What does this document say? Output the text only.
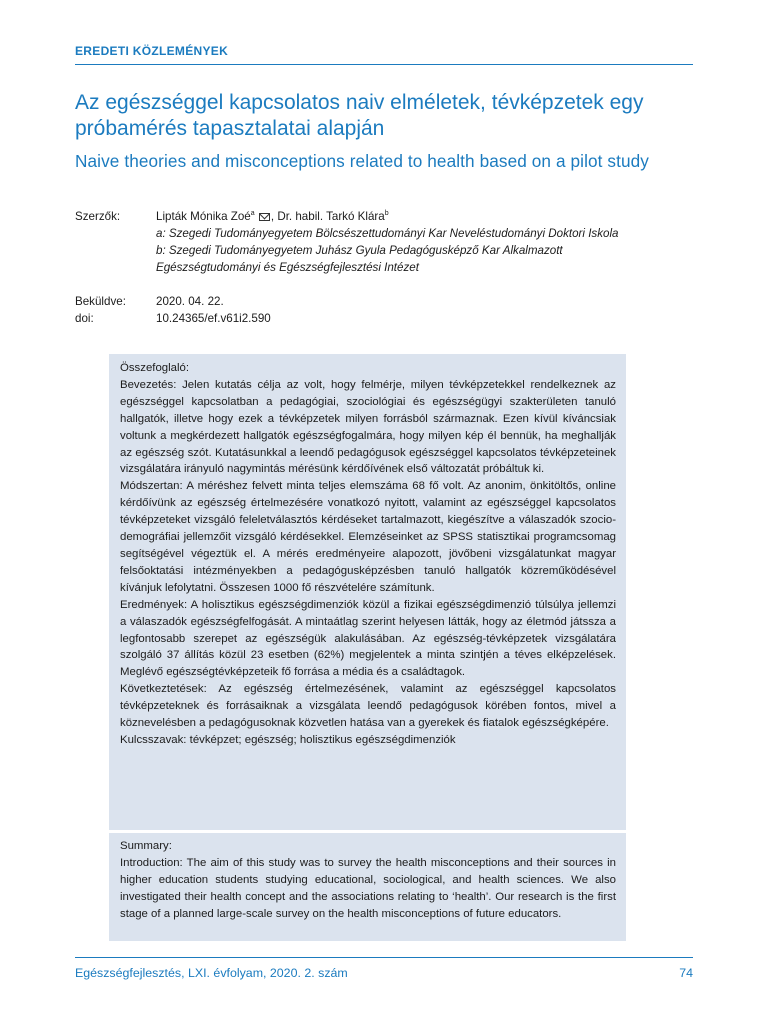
EREDETI KÖZLEMÉNYEK
Az egészséggel kapcsolatos naiv elméletek, tévképzetek egy próbamérés tapasztalatai alapján
Naive theories and misconceptions related to health based on a pilot study
Szerzők:	Lipták Mónika Zoé$^a$ , Dr. habil. Tarkó Klára$^b$
a: Szegedi Tudományegyetem Bölcsészettudományi Kar Neveléstudományi Doktori Iskola
b: Szegedi Tudományegyetem Juhász Gyula Pedagógusképző Kar Alkalmazott
Egészségtudományi és Egészségfejlesztési Intézet
Beküldve:	2020. 04. 22.
doi:	10.24365/ef.v61i2.590
Összefoglaló:
Bevezetés: Jelen kutatás célja az volt, hogy felmérje, milyen tévképzetekkel rendelkeznek az egészséggel kapcsolatban a pedagógiai, szociológiai és egészségügyi szakterületen tanuló hallgatók, illetve hogy ezek a tévképzetek milyen forrásból származnak. Ezen kívül kíváncsiak voltunk a megkérdezett hallgatók egészségfogalmára, hogy milyen kép él bennük, ha meghallják az egészség szót. Kutatásunkkal a leendő pedagógusok egészséggel kapcsolatos tévképzeteinek vizsgálatára irányuló nagymintás mérésünk kérdőívének első változatát próbáltuk ki.
Módszertan: A méréshez felvett minta teljes elemszáma 68 fő volt. Az anonim, önkitöltős, online kérdőívünk az egészség értelmezésére vonatkozó nyitott, valamint az egészséggel kapcsolatos tévképzeteket vizsgáló feleletválasztós kérdéseket tartalmazott, kiegészítve a válaszadók szocio-demográfiai jellemzőit vizsgáló kérdésekkel. Elemzéseinket az SPSS statisztikai programcsomag segítségével végeztük el. A mérés eredményeire alapozott, jövőbeni vizsgálatunkat magyar felsőoktatási intézményekben a pedagógusképzésben tanuló hallgatók közreműködésével kívánjuk lefolytatni. Összesen 1000 fő részvételére számítunk.
Eredmények: A holisztikus egészségdimenziók közül a fizikai egészségdimenzió túlsúlya jellemzi a válaszadók egészségfelfogását. A mintaátlag szerint helyesen látták, hogy az életmód játssza a legfontosabb szerepet az egészségük alakulásában. Az egészség-tévképzetek vizsgálatára szolgáló 37 állítás közül 23 esetben (62%) megjelentek a minta szintjén a téves elképzelések. Meglévő egészségtévképzeteik fő forrása a média és a családtagok.
Következtetések: Az egészség értelmezésének, valamint az egészséggel kapcsolatos tévképzeteknek és forrásaiknak a vizsgálata leendő pedagógusok körében fontos, mivel a köznevelésben a pedagógusoknak közvetlen hatása van a gyerekek és fiatalok egészségképére.
Kulcsszavak: tévképzet; egészség; holisztikus egészségdimenziók
Summary:
Introduction: The aim of this study was to survey the health misconceptions and their sources in higher education students studying educational, sociological, and health sciences. We also investigated their health concept and the associations relating to ‘health’. Our research is the first stage of a planned large-scale survey on the health misconceptions of future educators.
Egészségfejlesztés, LXI. évfolyam, 2020. 2. szám	74
